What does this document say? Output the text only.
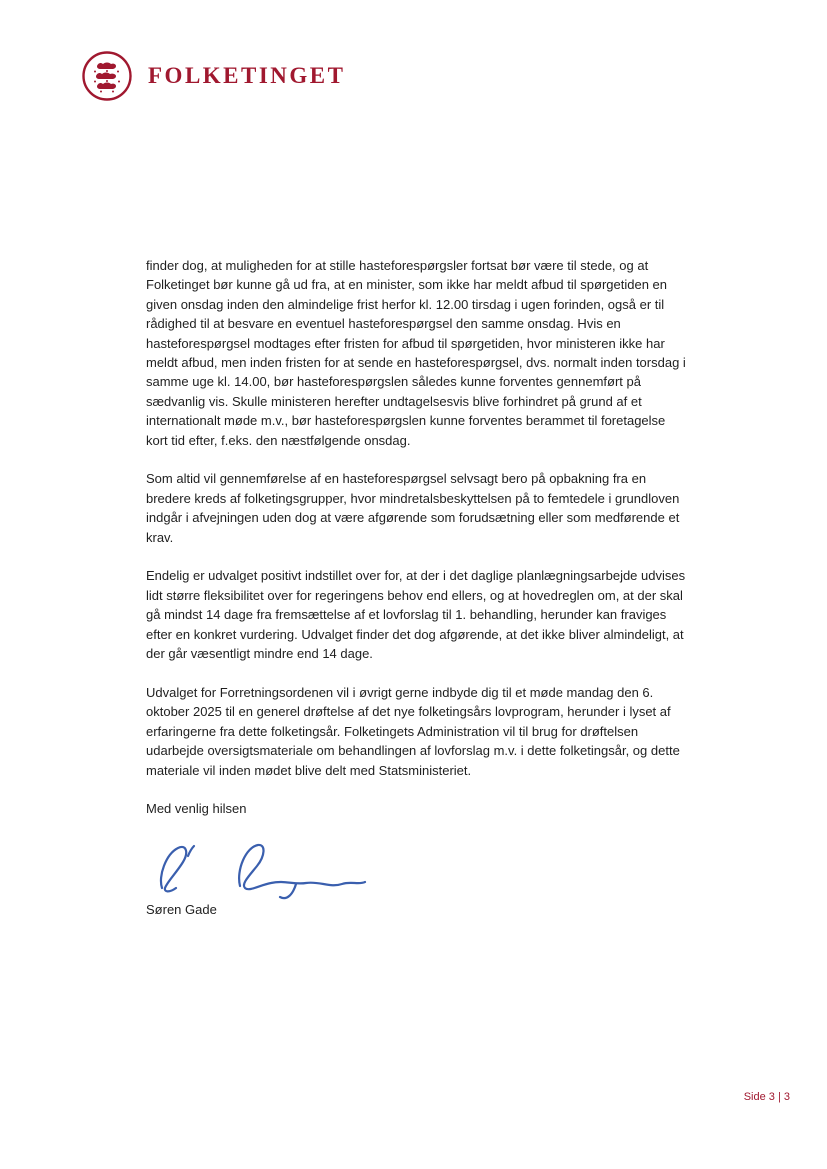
FOLKETINGET

finder dog, at muligheden for at stille hasteforespørgsler fortsat bør være til stede, og at Folketinget bør kunne gå ud fra, at en minister, som ikke har meldt afbud til spørgetiden en given onsdag inden den almindelige frist herfor kl. 12.00 tirsdag i ugen forinden, også er til rådighed til at besvare en eventuel hasteforespørgsel den samme onsdag. Hvis en hasteforespørgsel modtages efter fristen for afbud til spørgetiden, hvor ministeren ikke har meldt afbud, men inden fristen for at sende en hasteforespørgsel, dvs. normalt inden torsdag i samme uge kl. 14.00, bør hasteforespørgslen således kunne forventes gennemført på sædvanlig vis. Skulle ministeren herefter undtagelsesvis blive forhindret på grund af et internationalt møde m.v., bør hasteforespørgslen kunne forventes berammet til foretagelse kort tid efter, f.eks. den næstfølgende onsdag.

Som altid vil gennemførelse af en hasteforespørgsel selvsagt bero på opbakning fra en bredere kreds af folketingsgrupper, hvor mindretalsbeskyttelsen på to femtedele i grundloven indgår i afvejningen uden dog at være afgørende som forudsætning eller som medførende et krav.

Endelig er udvalget positivt indstillet over for, at der i det daglige planlægningsarbejde udvises lidt større fleksibilitet over for regeringens behov end ellers, og at hovedreglen om, at der skal gå mindst 14 dage fra fremsættelse af et lovforslag til 1. behandling, herunder kan fraviges efter en konkret vurdering. Udvalget finder det dog afgørende, at det ikke bliver almindeligt, at der går væsentligt mindre end 14 dage.

Udvalget for Forretningsordenen vil i øvrigt gerne indbyde dig til et møde mandag den 6. oktober 2025 til en generel drøftelse af det nye folketingsårs lovprogram, herunder i lyset af erfaringerne fra dette folketingsår. Folketingets Administration vil til brug for drøftelsen udarbejde oversigtsmateriale om behandlingen af lovforslag m.v. i dette folketingsår, og dette materiale vil inden mødet blive delt med Statsministeriet.

Med venlig hilsen

Søren Gade

Side 3 | 3
